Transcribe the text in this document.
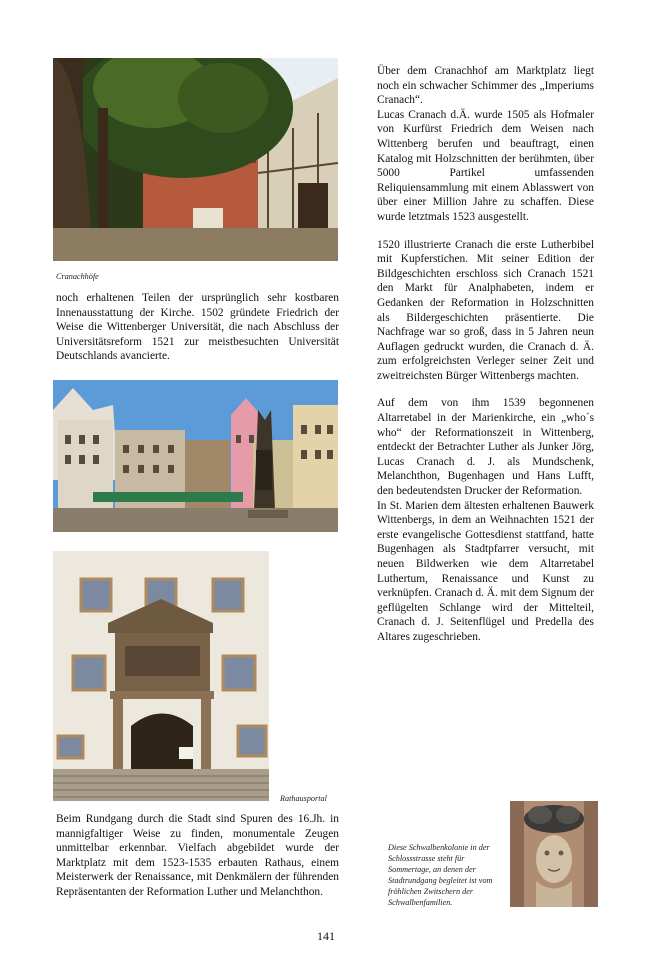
Cranachhöfe
noch erhaltenen Teilen der ursprünglich sehr kostbaren Innenausstattung der Kirche. 1502 gründete Friedrich der Weise die Wittenberger Universität, die nach Abschluss der Universitätsreform 1521 zur meistbesuchten Universität Deutschlands avancierte.
Rathausportal
Beim Rundgang durch die Stadt sind Spuren des 16.Jh. in mannigfaltiger Weise zu finden, monumentale Zeugen unmittelbar erkennbar. Vielfach abgebildet wurde der Marktplatz mit dem 1523-1535 erbauten Rathaus, einem Meisterwerk der Renaissance, mit Denkmälern der führenden Repräsentanten der Reformation Luther und Melanchthon.

Über dem Cranachhof am Marktplatz liegt noch ein schwacher Schimmer des „Imperiums Cranach“.

Lucas Cranach d.Ä. wurde 1505 als Hofmaler von Kurfürst Friedrich dem Weisen nach Wittenberg berufen und beauftragt, einen Katalog mit Holzschnitten der berühmten, über 5000 Partikel umfassenden Reliquiensammlung mit einem Ablasswert von über einer Million Jahre zu schaffen. Diese wurde letztmals 1523 ausgestellt.

1520 illustrierte Cranach die erste Lutherbibel mit Kupferstichen. Mit seiner Edition der Bildgeschichten erschloss sich Cranach 1521 den Markt für Analphabeten, indem er Gedanken der Reformation in Holzschnitten als Bildergeschichten präsentierte. Die Nachfrage war so groß, dass in 5 Jahren neun Auflagen gedruckt wurden, die Cranach d. Ä. zum erfolgreichsten Verleger seiner Zeit und zweitreichsten Bürger Wittenbergs machten.

Auf dem von ihm 1539 begonnenen Altarretabel in der Marienkirche, ein „who´s who“ der Reformationszeit in Wittenberg, entdeckt der Betrachter Luther als Junker Jörg, Lucas Cranach d. J. als Mundschenk, Melanchthon, Bugenhagen und Hans Lufft, den bedeutendsten Drucker der Reformation.

In St. Marien dem ältesten erhaltenen Bauwerk Wittenbergs, in dem an Weihnachten 1521 der erste evangelische Gottesdienst stattfand, hatte Bugenhagen als Stadtpfarrer versucht, mit neuen Bildwerken wie dem Altarretabel Luthertum, Renaissance und Kunst zu verknüpfen. Cranach d. Ä. mit dem Signum der geflügelten Schlange wird der Mittelteil, Cranach d. J. Seitenflügel und Predella des Altares zugeschrieben.

Diese Schwalbenkolonie in der Schlossstrasse steht für Sommertage, an denen der Stadtrundgang begleitet ist vom fröhlichen Zwitschern der Schwalbenfamilien.
141
